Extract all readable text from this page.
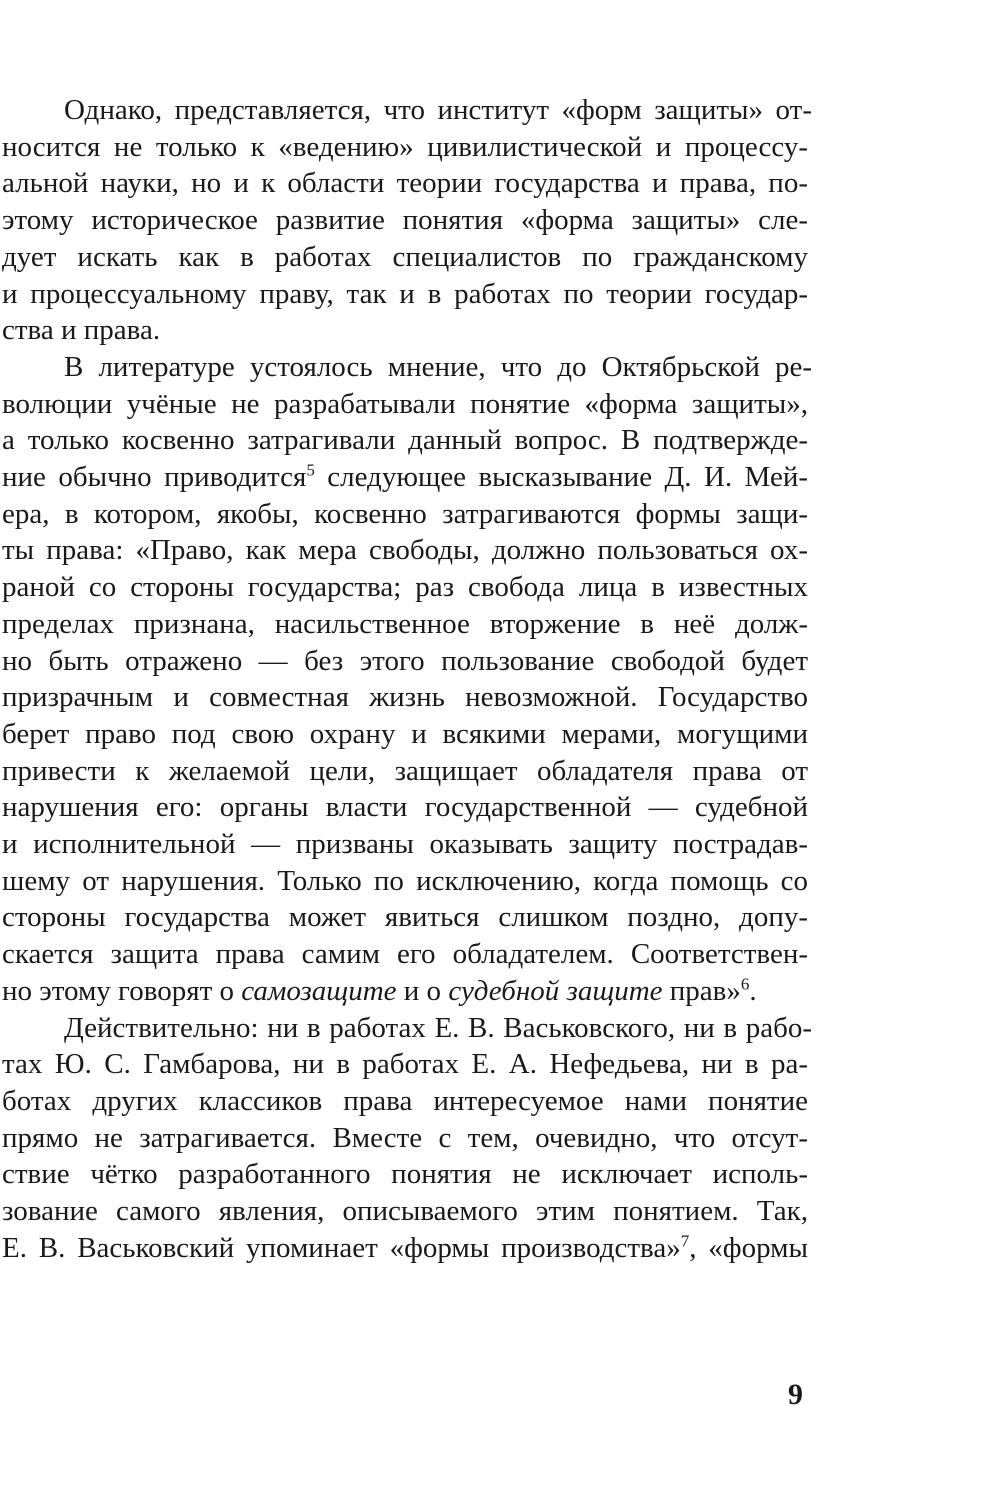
Однако, представляется, что институт «форм защиты» от-
носится не только к «ведению» цивилистической и процессу-
альной науки, но и к области теории государства и права, по-
этому историческое развитие понятия «форма защиты» сле-
дует искать как в работах специалистов по гражданскому
и процессуальному праву, так и в работах по теории государ-
ства и права.
В литературе устоялось мнение, что до Октябрьской ре-
волюции учёные не разрабатывали понятие «форма защиты»,
а только косвенно затрагивали данный вопрос. В подтвержде-
ние обычно приводится$^5$ следующее высказывание Д. И. Мей-
ера, в котором, якобы, косвенно затрагиваются формы защи-
ты права: «Право, как мера свободы, должно пользоваться ох-
раной со стороны государства; раз свобода лица в известных
пределах признана, насильственное вторжение в неё долж-
но быть отражено — без этого пользование свободой будет
призрачным и совместная жизнь невозможной. Государство
берет право под свою охрану и всякими мерами, могущими
привести к желаемой цели, защищает обладателя права от
нарушения его: органы власти государственной — судебной
и исполнительной — призваны оказывать защиту пострадав-
шему от нарушения. Только по исключению, когда помощь со
стороны государства может явиться слишком поздно, допу-
скается защита права самим его обладателем. Соответствен-
но этому говорят о самозащите и о судебной защите прав»$^6$.
Действительно: ни в работах Е. В. Васьковского, ни в рабо-
тах Ю. С. Гамбарова, ни в работах Е. А. Нефедьева, ни в ра-
ботах других классиков права интересуемое нами понятие
прямо не затрагивается. Вместе с тем, очевидно, что отсут-
ствие чётко разработанного понятия не исключает исполь-
зование самого явления, описываемого этим понятием. Так,
Е. В. Васьковский упоминает «формы производства»$^7$, «формы
9
